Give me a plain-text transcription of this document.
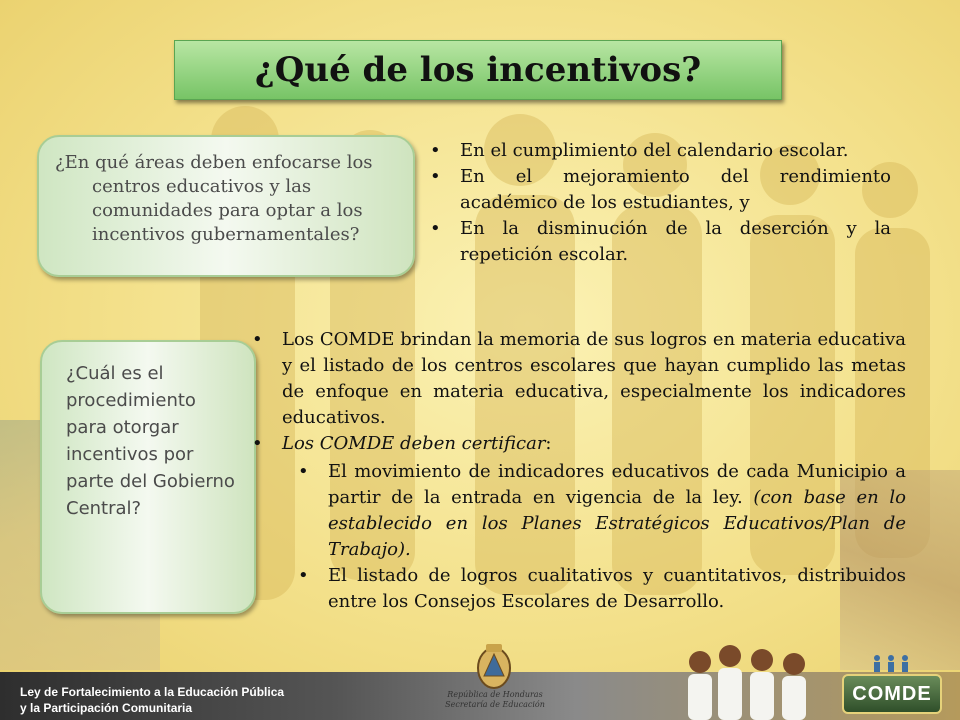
¿Qué de los incentivos?

¿En qué áreas deben enfocarse los centros educativos y las comunidades para optar a los incentivos gubernamentales?

¿Cuál es el procedimiento para otorgar incentivos por parte del Gobierno Central?

• En el cumplimiento del calendario escolar.
• En el mejoramiento del rendimiento académico de los estudiantes, y
• En la disminución de la deserción y la repetición escolar.
• Los COMDE brindan la memoria de sus logros en materia educativa y el listado de los centros escolares que hayan cumplido las metas de enfoque en materia educativa, especialmente los indicadores educativos.
• Los COMDE deben certificar:
• El movimiento de indicadores educativos de cada Municipio a partir de la entrada en vigencia de la ley. (con base en lo establecido en los Planes Estratégicos Educativos/Plan de Trabajo).
• El listado de logros cualitativos y cuantitativos, distribuidos entre los Consejos Escolares de Desarrollo.
Ley de Fortalecimiento a la Educación Pública
y la Participación Comunitaria
República de Honduras
Secretaría de Educación	COMDE
